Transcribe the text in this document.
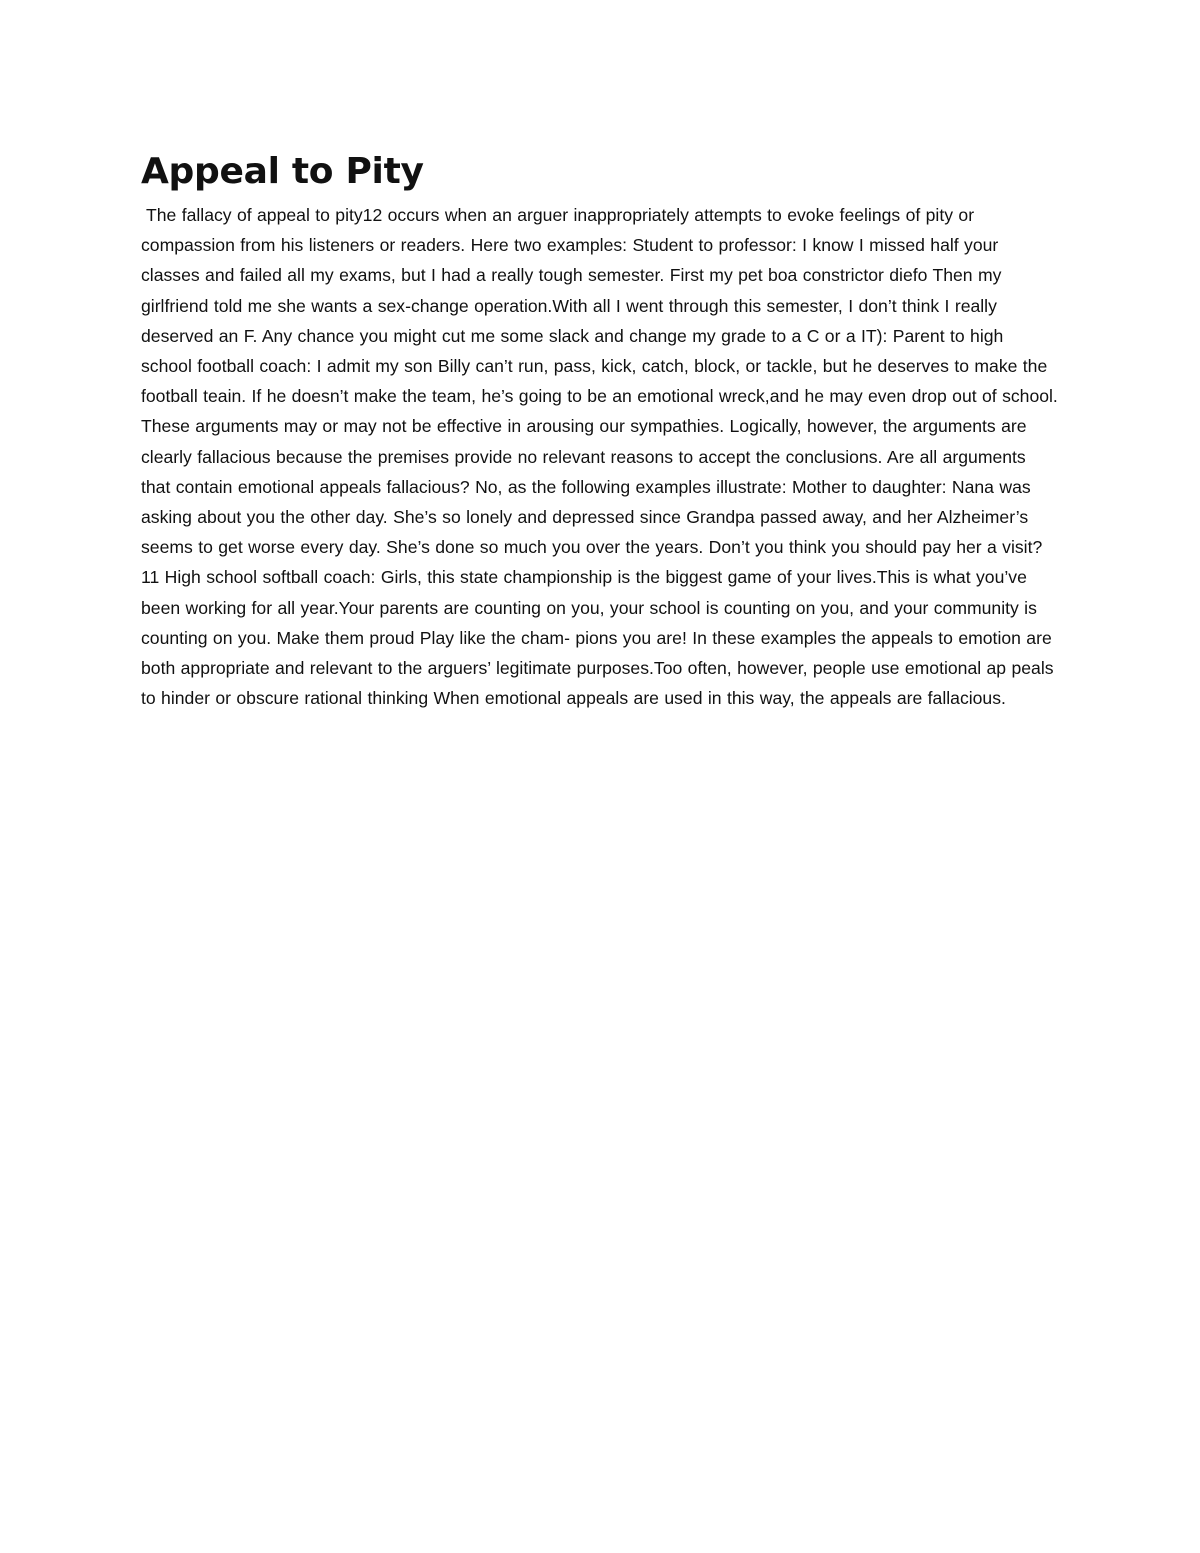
Appeal to Pity

The fallacy of appeal to pity12 occurs when an arguer inappropriately attempts to evoke feelings of pity or compassion from his listeners or readers. Here two examples: Student to professor: I know I missed half your classes and failed all my exams, but I had a really tough semester. First my pet boa constrictor diefo Then my girlfriend told me she wants a sex-change operation.With all I went through this semester, I don’t think I really deserved an F. Any chance you might cut me some slack and change my grade to a C or a IT): Parent to high school football coach: I admit my son Billy can’t run, pass, kick, catch, block, or tackle, but he deserves to make the football teain. If he doesn’t make the team, he’s going to be an emotional wreck,and he may even drop out of school. These arguments may or may not be effective in arousing our sympathies. Logically, however, the arguments are clearly fallacious because the premises provide no relevant reasons to accept the conclusions. Are all arguments that contain emotional appeals fallacious? No, as the following examples illustrate: Mother to daughter: Nana was asking about you the other day. She’s so lonely and depressed since Grandpa passed away, and her Alzheimer’s seems to get worse every day. She’s done so much you over the years. Don’t you think you should pay her a visit? 11 High school softball coach: Girls, this state championship is the biggest game of your lives.This is what you’ve been working for all year.Your parents are counting on you, your school is counting on you, and your community is counting on you. Make them proud Play like the cham- pions you are! In these examples the appeals to emotion are both appropriate and relevant to the arguers’ legitimate purposes.Too often, however, people use emotional ap peals to hinder or obscure rational thinking When emotional appeals are used in this way, the appeals are fallacious.
